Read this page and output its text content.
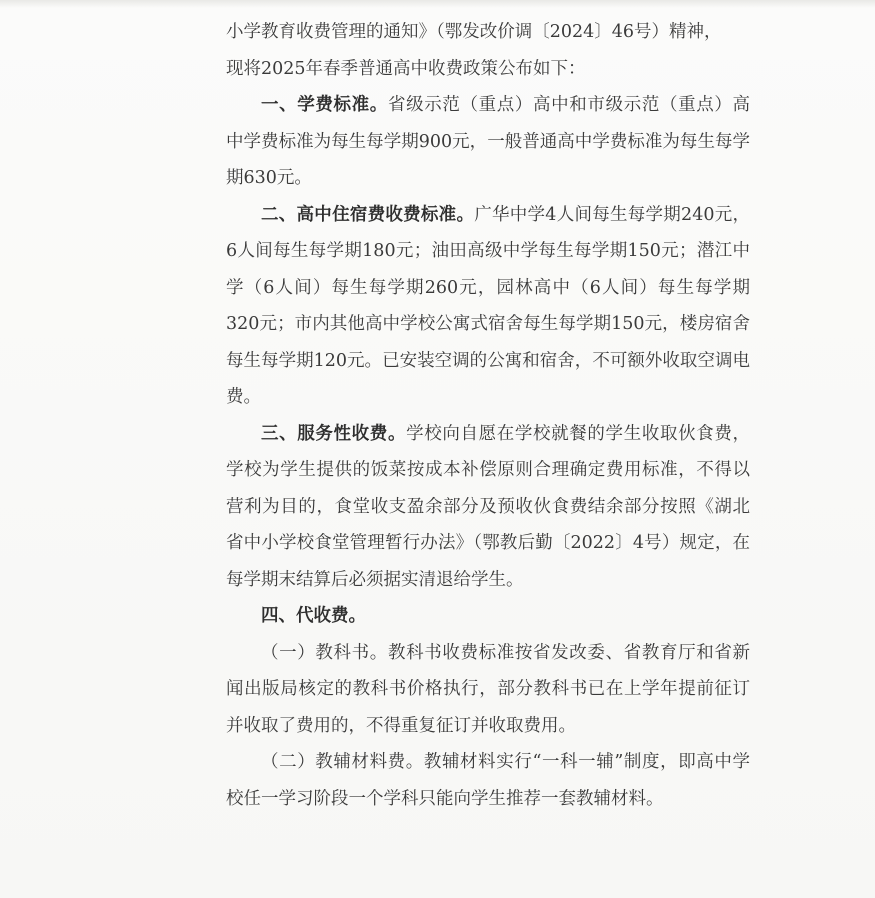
小学教育收费管理的通知》（鄂发改价调〔2024〕46号）精神，

现将2025年春季普通高中收费政策公布如下：

一、学费标准。省级示范（重点）高中和市级示范（重点）高中学费标准为每生每学期900元，一般普通高中学费标准为每生每学期630元。

二、高中住宿费收费标准。广华中学4人间每生每学期240元，6人间每生每学期180元；油田高级中学每生每学期150元；潜江中学（6人间）每生每学期260元，园林高中（6人间）每生每学期320元；市内其他高中学校公寓式宿舍每生每学期150元，楼房宿舍每生每学期120元。已安装空调的公寓和宿舍，不可额外收取空调电费。

三、服务性收费。学校向自愿在学校就餐的学生收取伙食费，学校为学生提供的饭菜按成本补偿原则合理确定费用标准，不得以营利为目的，食堂收支盈余部分及预收伙食费结余部分按照《湖北省中小学校食堂管理暂行办法》（鄂教后勤〔2022〕4号）规定，在每学期末结算后必须据实清退给学生。

四、代收费。

（一）教科书。教科书收费标准按省发改委、省教育厅和省新闻出版局核定的教科书价格执行，部分教科书已在上学年提前征订并收取了费用的，不得重复征订并收取费用。

（二）教辅材料费。教辅材料实行“一科一辅”制度，即高中学校任一学习阶段一个学科只能向学生推荐一套教辅材料。
